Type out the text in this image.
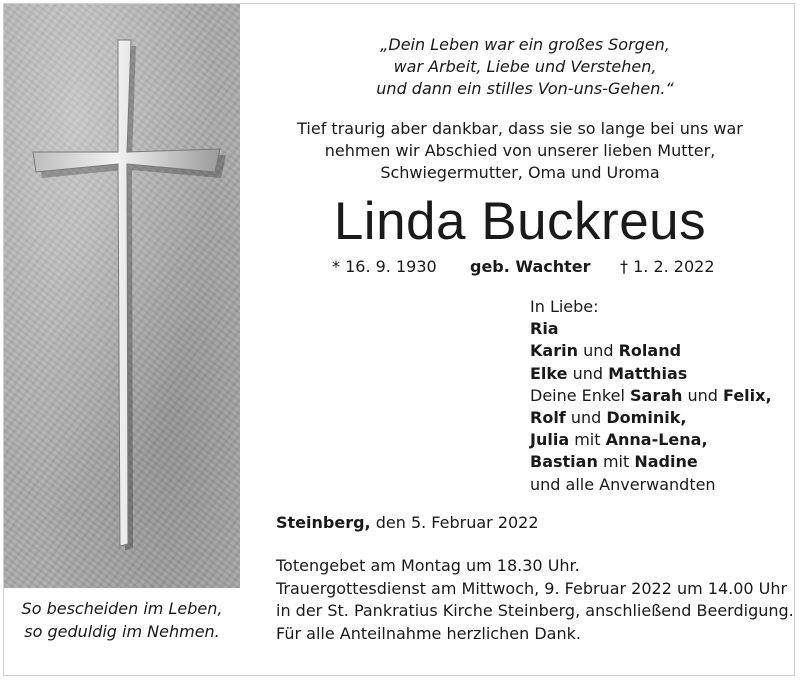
„Dein Leben war ein großes Sorgen,
war Arbeit, Liebe und Verstehen,
und dann ein stilles Von-uns-Gehen.“
Tief traurig aber dankbar, dass sie so lange bei uns war
nehmen wir Abschied von unserer lieben Mutter,
Schwiegermutter, Oma und Uroma
Linda Buckreus
* 16. 9. 1930 geb. Wachter † 1. 2. 2022
In Liebe:
Ria
Karin und Roland
Elke und Matthias
Deine Enkel Sarah und Felix,
Rolf und Dominik,
Julia mit Anna-Lena,
Bastian mit Nadine
und alle Anverwandten
Steinberg, den 5. Februar 2022
Totengebet am Montag um 18.30 Uhr.
Trauergottesdienst am Mittwoch, 9. Februar 2022 um 14.00 Uhr
in der St. Pankratius Kirche Steinberg, anschließend Beerdigung.
Für alle Anteilnahme herzlichen Dank.
So bescheiden im Leben,
so geduldig im Nehmen.
